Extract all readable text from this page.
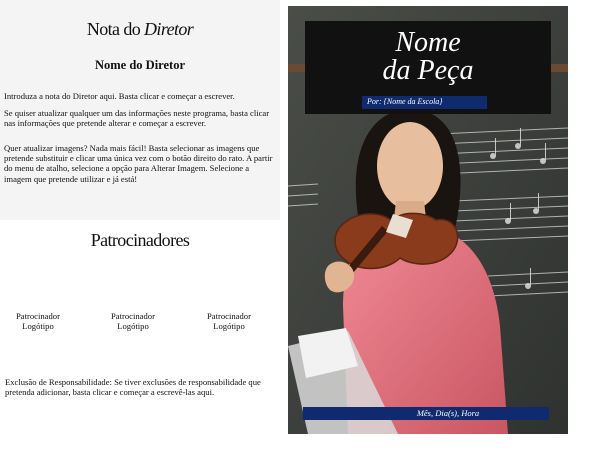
Nota do Diretor
Nome do Diretor
Introduza a nota do Diretor aqui. Basta clicar e começar a escrever.
Se quiser atualizar qualquer um das informações neste programa, basta clicar nas informações que pretende alterar e começar a escrever.
Quer atualizar imagens? Nada mais fácil! Basta selecionar as imagens que pretende substituir e clicar uma única vez com o botão direito do rato. A partir do menu de atalho, selecione a opção para Alterar Imagem. Selecione a imagem que pretende utilizar e já está!
Patrocinadores
Patrocinador
Logótipo
Patrocinador
Logótipo
Patrocinador
Logótipo
Exclusão de Responsabilidade: Se tiver exclusões de responsabilidade que pretenda adicionar, basta clicar e começar a escrevê-las aqui.
Nome
da Peça
Por: {Nome da Escola}
Mês, Dia(s), Hora
